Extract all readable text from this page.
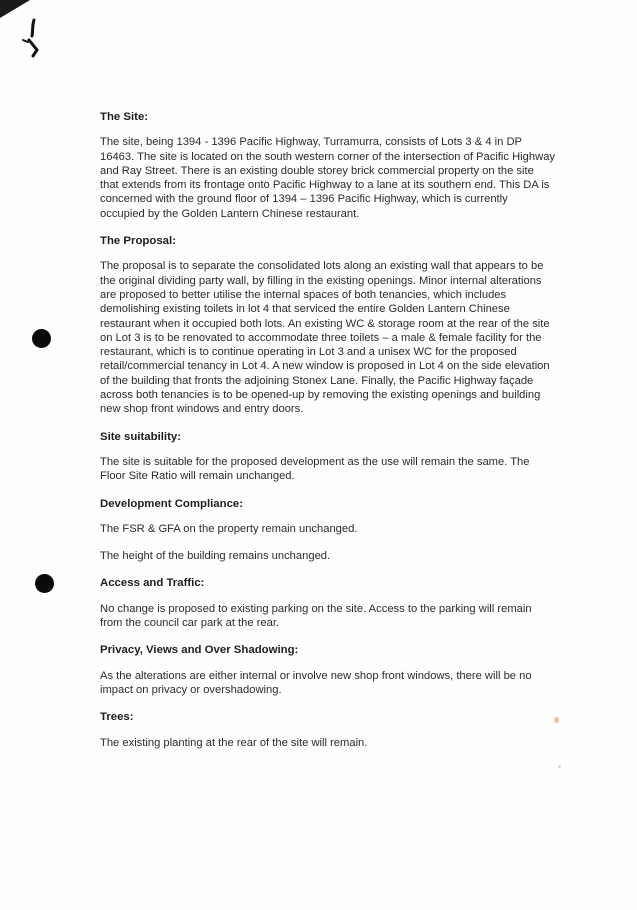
The Site:
The site, being 1394 - 1396 Pacific Highway, Turramurra, consists of Lots 3 & 4 in DP
16463. The site is located on the south western corner of the intersection of Pacific Highway
and Ray Street. There is an existing double storey brick commercial property on the site
that extends from its frontage onto Pacific Highway to a lane at its southern end. This DA is
concerned with the ground floor of 1394 – 1396 Pacific Highway, which is currently
occupied by the Golden Lantern Chinese restaurant.
The Proposal:
The proposal is to separate the consolidated lots along an existing wall that appears to be
the original dividing party wall, by filling in the existing openings. Minor internal alterations
are proposed to better utilise the internal spaces of both tenancies, which includes
demolishing existing toilets in lot 4 that serviced the entire Golden Lantern Chinese
restaurant when it occupied both lots. An existing WC & storage room at the rear of the site
on Lot 3 is to be renovated to accommodate three toilets – a male & female facility for the
restaurant, which is to continue operating in Lot 3 and a unisex WC for the proposed
retail/commercial tenancy in Lot 4. A new window is proposed in Lot 4 on the side elevation
of the building that fronts the adjoining Stonex Lane. Finally, the Pacific Highway façade
across both tenancies is to be opened-up by removing the existing openings and building
new shop front windows and entry doors.
Site suitability:
The site is suitable for the proposed development as the use will remain the same. The
Floor Site Ratio will remain unchanged.
Development Compliance:
The FSR & GFA on the property remain unchanged.
The height of the building remains unchanged.
Access and Traffic:
No change is proposed to existing parking on the site. Access to the parking will remain
from the council car park at the rear.
Privacy, Views and Over Shadowing:
As the alterations are either internal or involve new shop front windows, there will be no
impact on privacy or overshadowing.
Trees:
The existing planting at the rear of the site will remain.
